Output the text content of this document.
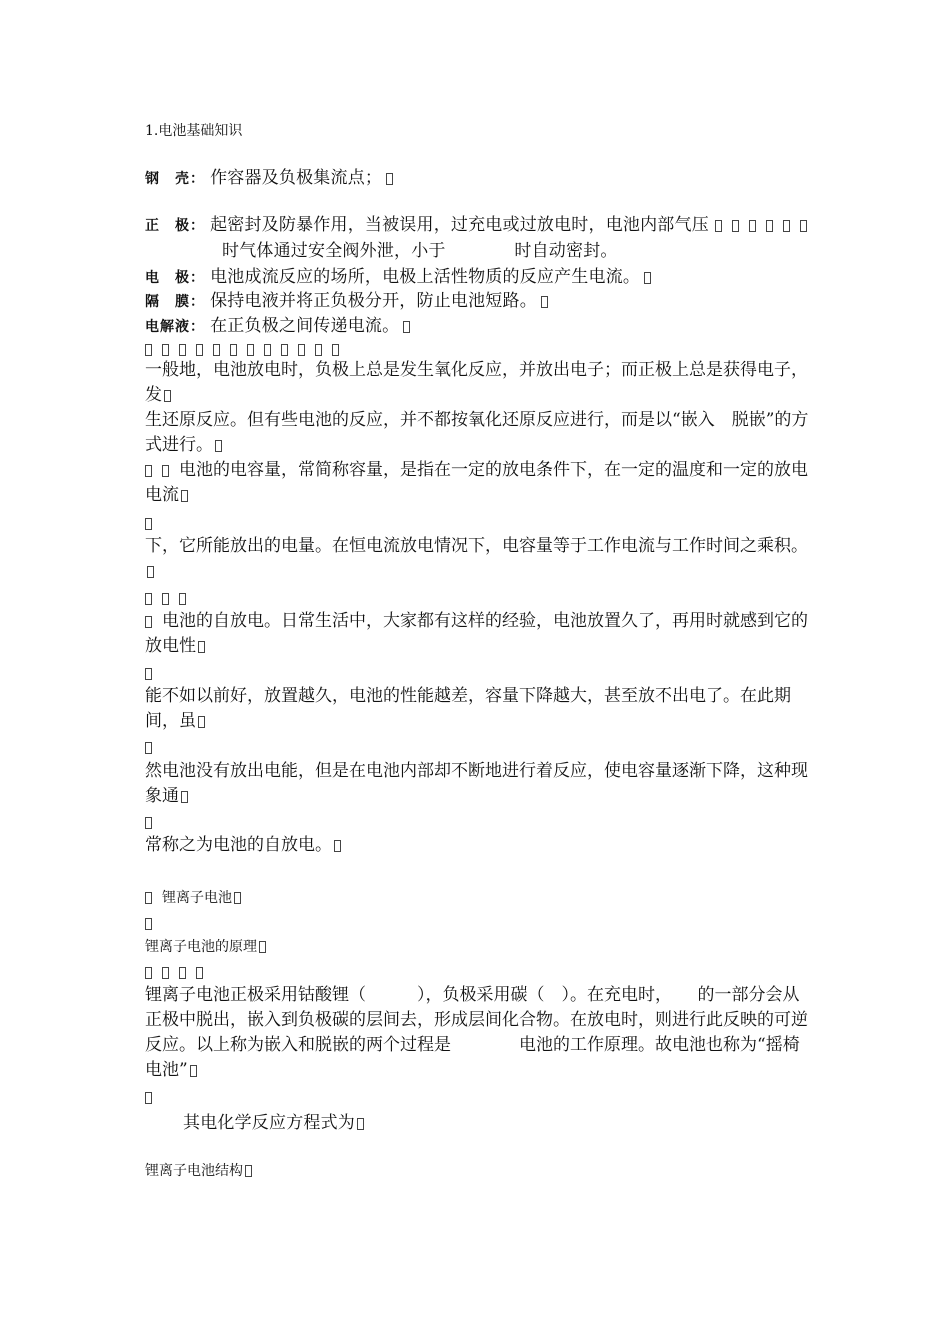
1.电池基础知识
钢　壳： 作容器及负极集流点；
正　极： 起密封及防暴作用，当被误用，过充电或过放电时，电池内部气压
时气体通过安全阀外泄，小于　　　　时自动密封。
电　极： 电池成流反应的场所，电极上活性物质的反应产生电流。
隔　膜： 保持电液并将正负极分开，防止电池短路。
电解液： 在正负极之间传递电流。
一般地，电池放电时，负极上总是发生氧化反应，并放出电子；而正极上总是获得电子，发
生还原反应。但有些电池的反应，并不都按氧化还原反应进行，而是以“嵌入　脱嵌”的方式进行。
电池的电容量，常简称容量，是指在一定的放电条件下，在一定的温度和一定的放电电流
下，它所能放出的电量。在恒电流放电情况下，电容量等于工作电流与工作时间之乘积。
电池的自放电。日常生活中，大家都有这样的经验，电池放置久了，再用时就感到它的放电性
能不如以前好，放置越久，电池的性能越差，容量下降越大，甚至放不出电了。在此期间，虽
然电池没有放出电能，但是在电池内部却不断地进行着反应，使电容量逐渐下降，这种现象通
常称之为电池的自放电。
锂离子电池
锂离子电池的原理
锂离子电池正极采用钴酸锂（　　　），负极采用碳（　）。在充电时，　　的一部分会从正极中脱出，嵌入到负极碳的层间去，形成层间化合物。在放电时，则进行此反映的可逆反应。以上称为嵌入和脱嵌的两个过程是　　　　电池的工作原理。故电池也称为“摇椅电池”
其电化学反应方程式为
锂离子电池结构
